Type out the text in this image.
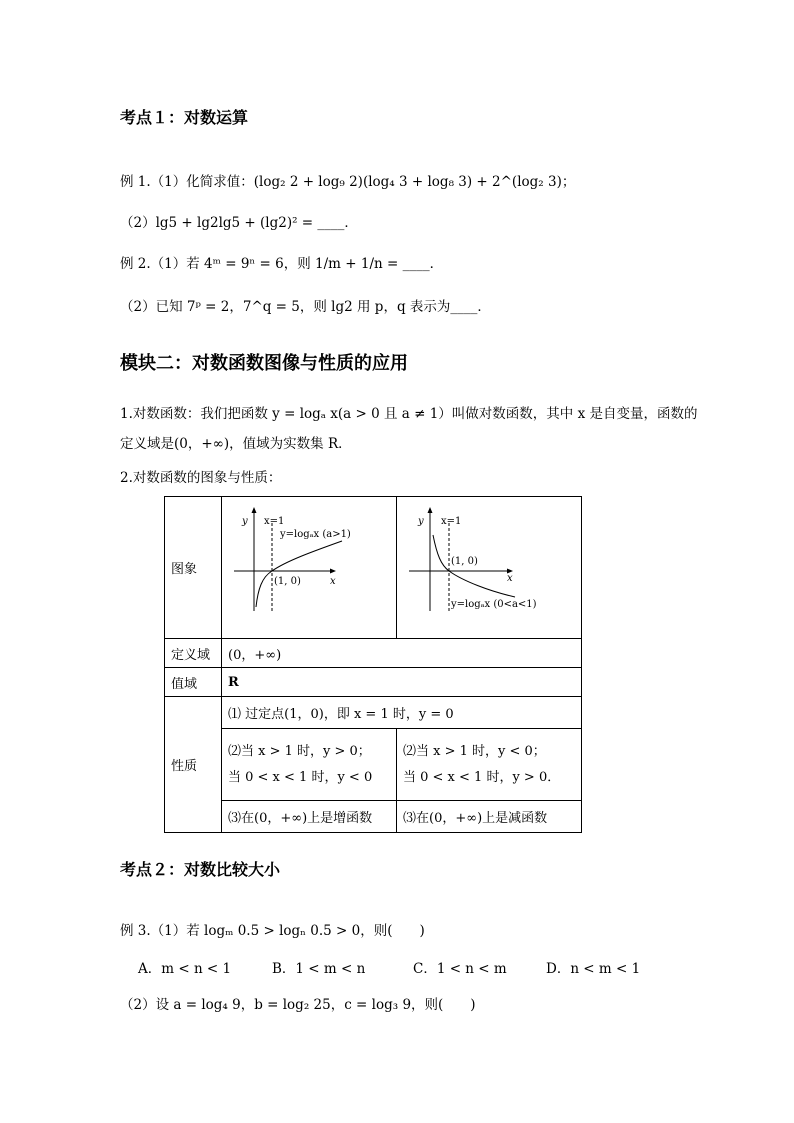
考点１：对数运算
例 1.（1）化简求值：(log₂ 2 + log₉ 2)(log₄ 3 + log₈ 3) + 2^(log₂ 3)；
（2）lg5 + lg2lg5 + (lg2)² = ____．
例 2.（1）若 4ᵐ = 9ⁿ = 6，则 1/m + 1/n = ____．
（2）已知 7ᵖ = 2，7^q = 5，则 lg2 用 p，q 表示为____．
模块二：对数函数图像与性质的应用
1.对数函数：我们把函数 y = logₐ x(a > 0 且 a ≠ 1）叫做对数函数，其中 x 是自变量，函数的
定义域是(0，+∞)，值域为实数集 R．
2.对数函数的图象与性质：
图象	y x=1
y=logₐx (a>1)
(1, 0) x	y x=1
(1, 0)
x
y=logₐx (0<a<1)

定义域	(0，+∞)	
值域	R	
性质	⑴ 过定点(1，0)，即 x = 1 时，y = 0	

	⑵当 x > 1 时，y > 0；
当 0 < x < 1 时，y < 0	⑵当 x > 1 时，y < 0；
当 0 < x < 1 时，y > 0．

	⑶在(0，+∞)上是增函数	⑶在(0，+∞)上是减函数
考点２：对数比较大小
例 3.（1）若 logₘ 0.5 > logₙ 0.5 > 0，则(　　)
A．m < n < 1	B．1 < m < n	C．1 < n < m	D．n < m < 1
（2）设 a = log₄ 9，b = log₂ 25，c = log₃ 9，则(　　)
